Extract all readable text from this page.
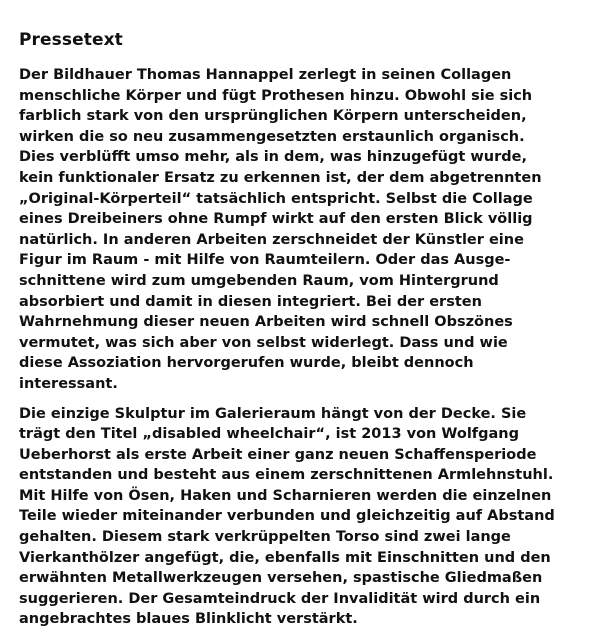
Pressetext

Der Bildhauer Thomas Hannappel zerlegt in seinen Collagen
menschliche Körper und fügt Prothesen hinzu. Obwohl sie sich
farblich stark von den ursprünglichen Körpern unterscheiden,
wirken die so neu zusammengesetzten erstaunlich organisch.
Dies verblüfft umso mehr, als in dem, was hinzugefügt wurde,
kein funktionaler Ersatz zu erkennen ist, der dem abgetrennten
„Original-Körperteil“ tatsächlich entspricht. Selbst die Collage
eines Dreibeiners ohne Rumpf wirkt auf den ersten Blick völlig
natürlich. In anderen Arbeiten zerschneidet der Künstler eine
Figur im Raum - mit Hilfe von Raumteilern. Oder das Ausge-
schnittene wird zum umgebenden Raum, vom Hintergrund
absorbiert und damit in diesen integriert. Bei der ersten
Wahrnehmung dieser neuen Arbeiten wird schnell Obszönes
vermutet, was sich aber von selbst widerlegt. Dass und wie
diese Assoziation hervorgerufen wurde, bleibt dennoch
interessant.

Die einzige Skulptur im Galerieraum hängt von der Decke. Sie
trägt den Titel „disabled wheelchair“, ist 2013 von Wolfgang
Ueberhorst als erste Arbeit einer ganz neuen Schaffensperiode
entstanden und besteht aus einem zerschnittenen Armlehnstuhl.
Mit Hilfe von Ösen, Haken und Scharnieren werden die einzelnen
Teile wieder miteinander verbunden und gleichzeitig auf Abstand
gehalten. Diesem stark verkrüppelten Torso sind zwei lange
Vierkanthölzer angefügt, die, ebenfalls mit Einschnitten und den
erwähnten Metallwerkzeugen versehen, spastische Gliedmaßen
suggerieren. Der Gesamteindruck der Invalidität wird durch ein
angebrachtes blaues Blinklicht verstärkt.
